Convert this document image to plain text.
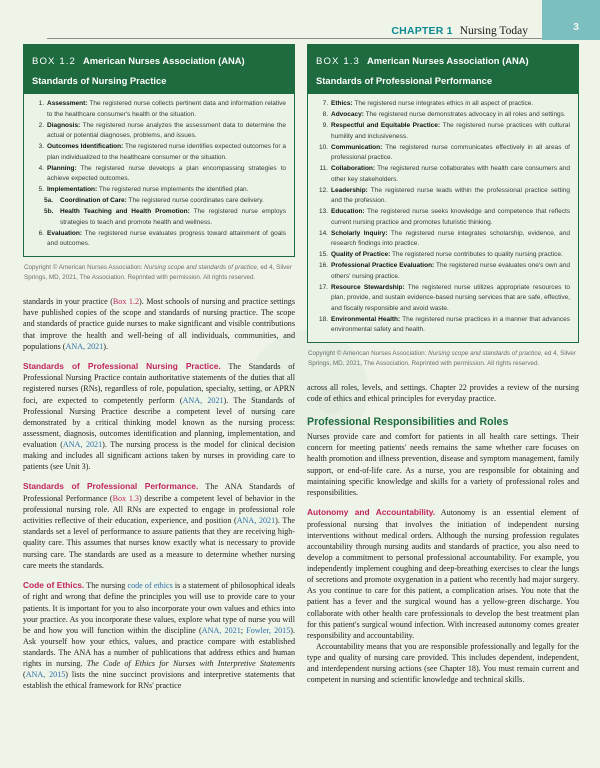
CHAPTER 1 Nursing Today	3
BOX 1.2 American Nurses Association (ANA) Standards of Nursing Practice
1. Assessment: The registered nurse collects pertinent data and information relative to the healthcare consumer's health or the situation.
2. Diagnosis: The registered nurse analyzes the assessment data to determine the actual or potential diagnoses, problems, and issues.
3. Outcomes Identification: The registered nurse identifies expected outcomes for a plan individualized to the healthcare consumer or the situation.
4. Planning: The registered nurse develops a plan encompassing strategies to achieve expected outcomes.
5. Implementation: The registered nurse implements the identified plan.
5a.	Coordination of Care: The registered nurse coordinates care delivery.
5b.	Health Teaching and Health Promotion: The registered nurse employs strategies to teach and promote health and wellness.
6. Evaluation: The registered nurse evaluates progress toward attainment of goals and outcomes.
Copyright © American Nurses Association: Nursing scope and standards of practice, ed 4, Silver Springs, MD, 2021, The Association. Reprinted with permission. All rights reserved.

standards in your practice (Box 1.2). Most schools of nursing and practice settings have published copies of the scope and standards of nursing practice. The scope and standards of practice guide nurses to make significant and visible contributions that improve the health and well-being of all individuals, communities, and populations (ANA, 2021).

Standards of Professional Nursing Practice. The Standards of Professional Nursing Practice contain authoritative statements of the duties that all registered nurses (RNs), regardless of role, population, specialty, setting, or APRN foci, are expected to competently perform (ANA, 2021). The Standards of Professional Nursing Practice describe a competent level of nursing care demonstrated by a critical thinking model known as the nursing process: assessment, diagnosis, outcomes identification and planning, implementation, and evaluation (ANA, 2021). The nursing process is the model for clinical decision making and includes all significant actions taken by nurses in providing care to patients (see Unit 3).

Standards of Professional Performance. The ANA Standards of Professional Performance (Box 1.3) describe a competent level of behavior in the professional nursing role. All RNs are expected to engage in professional role activities reflective of their education, experience, and position (ANA, 2021). The standards set a level of performance to assure patients that they are receiving high-quality care. This assumes that nurses know exactly what is necessary to provide nursing care. The standards are used as a measure to determine whether nursing care meets the standards.

Code of Ethics. The nursing code of ethics is a statement of philosophical ideals of right and wrong that define the principles you will use to provide care to your patients. It is important for you to also incorporate your own values and ethics into your practice. As you incorporate these values, explore what type of nurse you will be and how you will function within the discipline (ANA, 2021; Fowler, 2015). Ask yourself how your ethics, values, and practice compare with established standards. The ANA has a number of publications that address ethics and human rights in nursing. The Code of Ethics for Nurses with Interpretive Statements (ANA, 2015) lists the nine succinct provisions and interpretive statements that establish the ethical framework for RNs' practice

BOX 1.3 American Nurses Association (ANA) Standards of Professional Performance
7. Ethics: The registered nurse integrates ethics in all aspect of practice.
8. Advocacy: The registered nurse demonstrates advocacy in all roles and settings.
9. Respectful and Equitable Practice: The registered nurse practices with cultural humility and inclusiveness.
10. Communication: The registered nurse communicates effectively in all areas of professional practice.
11. Collaboration: The registered nurse collaborates with health care consumers and other key stakeholders.
12. Leadership: The registered nurse leads within the professional practice setting and the profession.
13. Education: The registered nurse seeks knowledge and competence that reflects current nursing practice and promotes futuristic thinking.
14. Scholarly Inquiry: The registered nurse integrates scholarship, evidence, and research findings into practice.
15. Quality of Practice: The registered nurse contributes to quality nursing practice.
16. Professional Practice Evaluation: The registered nurse evaluates one's own and others' nursing practice.
17. Resource Stewardship: The registered nurse utilizes appropriate resources to plan, provide, and sustain evidence-based nursing services that are safe, effective, and fiscally responsible and avoid waste.
18. Environmental Health: The registered nurse practices in a manner that advances environmental safety and health.
Copyright © American Nurses Association: Nursing scope and standards of practice, ed 4, Silver Springs, MD, 2021, The Association. Reprinted with permission. All rights reserved.

across all roles, levels, and settings. Chapter 22 provides a review of the nursing code of ethics and ethical principles for everyday practice.

Professional Responsibilities and Roles

Nurses provide care and comfort for patients in all health care settings. Their concern for meeting patients' needs remains the same whether care focuses on health promotion and illness prevention, disease and symptom management, family support, or end-of-life care. As a nurse, you are responsible for obtaining and maintaining specific knowledge and skills for a variety of professional roles and responsibilities.

Autonomy and Accountability. Autonomy is an essential element of professional nursing that involves the initiation of independent nursing interventions without medical orders. Although the nursing profession regulates accountability through nursing audits and standards of practice, you also need to develop a commitment to personal professional accountability. For example, you independently implement coughing and deep-breathing exercises to clear the lungs of secretions and promote oxygenation in a patient who recently had major surgery. As you continue to care for this patient, a complication arises. You note that the patient has a fever and the surgical wound has a yellow-green discharge. You collaborate with other health care professionals to develop the best treatment plan for this patient's surgical wound infection. With increased autonomy comes greater responsibility and accountability.

Accountability means that you are responsible professionally and legally for the type and quality of nursing care provided. This includes dependent, independent, and interdependent nursing actions (see Chapter 18). You must remain current and competent in nursing and scientific knowledge and technical skills.
